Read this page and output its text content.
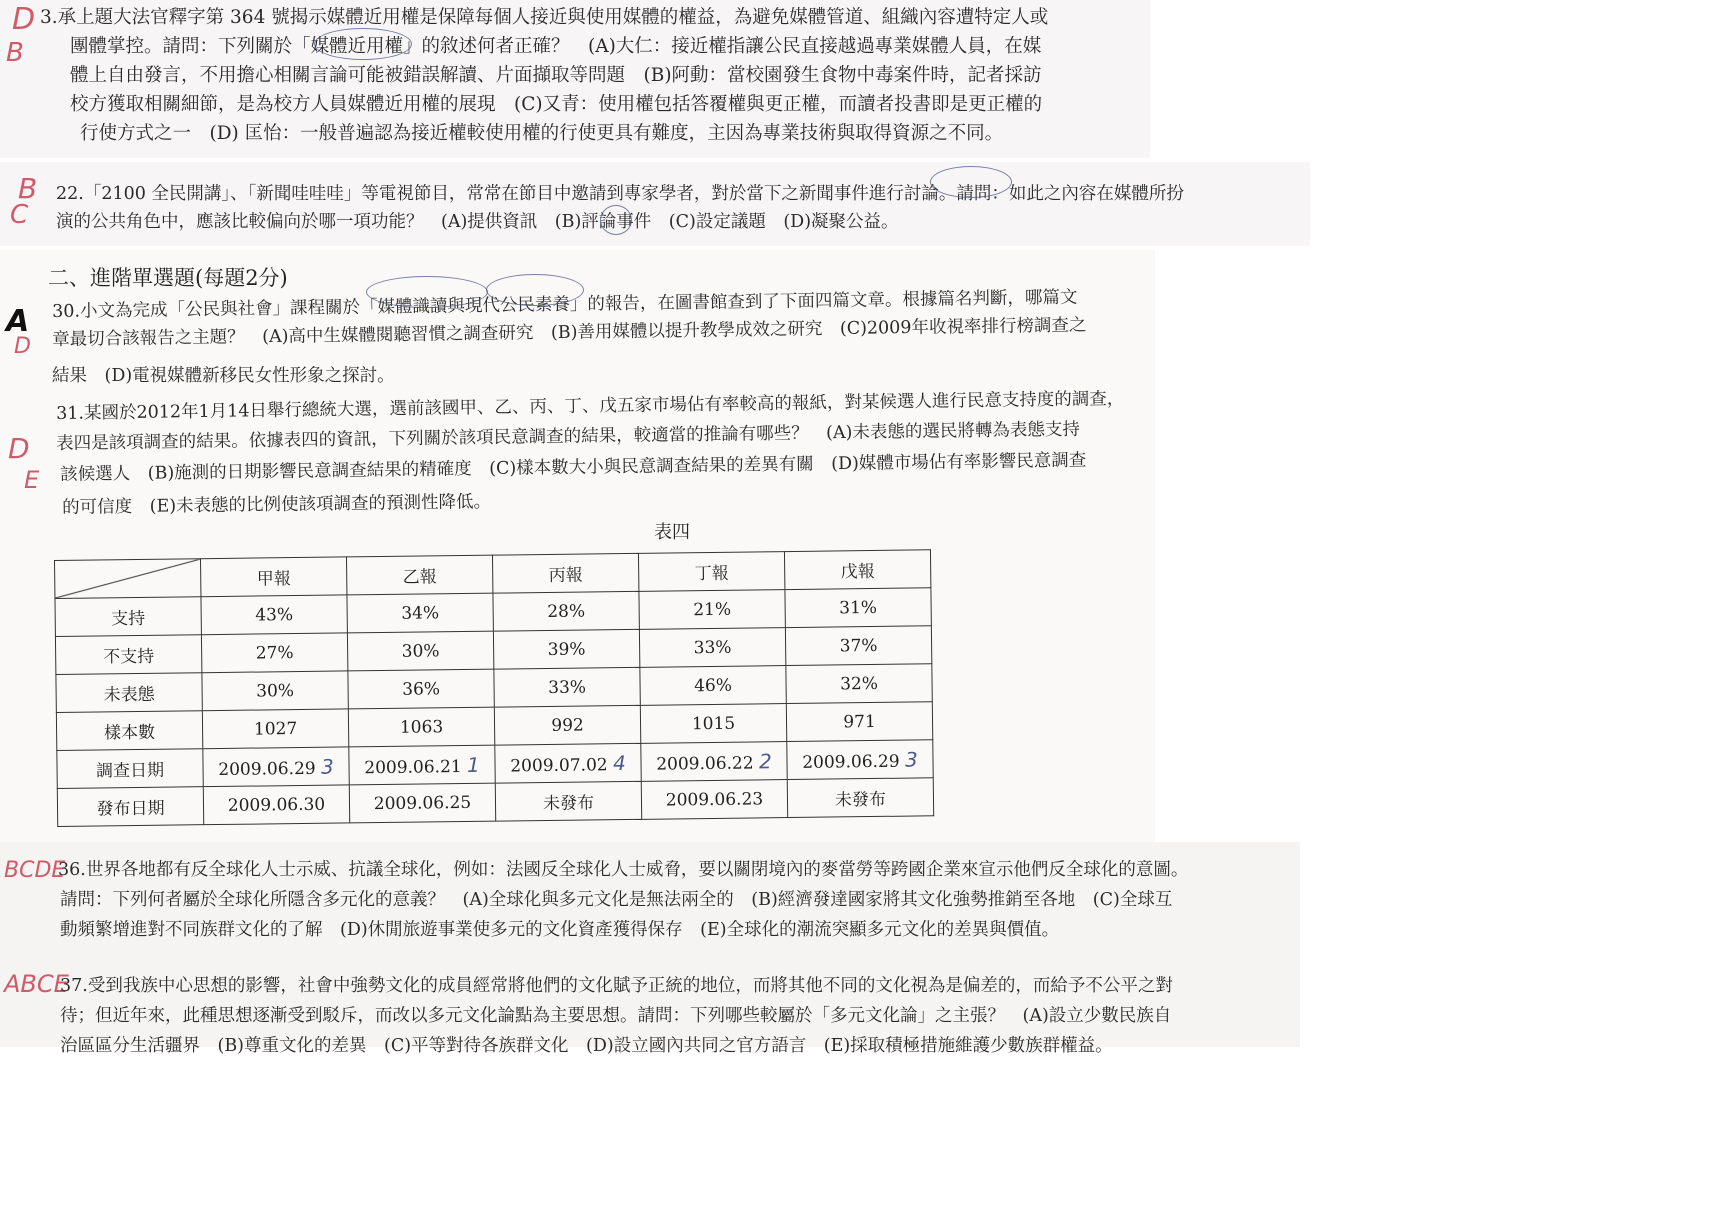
D
B
3.承上題大法官釋字第 364 號揭示媒體近用權是保障每個人接近與使用媒體的權益，為避免媒體管道、組織內容遭特定人或
團體掌控。請問：下列關於「媒體近用權」的敘述何者正確？　(A)大仁：接近權指讓公民直接越過專業媒體人員，在媒
體上自由發言，不用擔心相關言論可能被錯誤解讀、片面擷取等問題　(B)阿動：當校園發生食物中毒案件時，記者採訪
校方獲取相關細節，是為校方人員媒體近用權的展現　(C)又青：使用權包括答覆權與更正權，而讀者投書即是更正權的
行使方式之一　(D) 匡怡：一般普遍認為接近權較使用權的行使更具有難度，主因為專業技術與取得資源之不同。
B
C
22.「2100 全民開講」、「新聞哇哇哇」等電視節目，常常在節目中邀請到專家學者，對於當下之新聞事件進行討論。請問：如此之內容在媒體所扮
演的公共角色中，應該比較偏向於哪一項功能？　(A)提供資訊　(B)評論事件　(C)設定議題　(D)凝聚公益。
二、進階單選題(每題2分)
A
D
30.小文為完成「公民與社會」課程關於「媒體識讀與現代公民素養」的報告，在圖書館查到了下面四篇文章。根據篇名判斷，哪篇文
章最切合該報告之主題？　(A)高中生媒體閱聽習慣之調查研究　(B)善用媒體以提升教學成效之研究　(C)2009年收視率排行榜調查之
結果　(D)電視媒體新移民女性形象之探討。
D
E
31.某國於2012年1月14日舉行總統大選，選前該國甲、乙、丙、丁、戊五家市場佔有率較高的報紙，對某候選人進行民意支持度的調查，
表四是該項調查的結果。依據表四的資訊，下列關於該項民意調查的結果，較適當的推論有哪些？　(A)未表態的選民將轉為表態支持
該候選人　(B)施測的日期影響民意調查結果的精確度　(C)樣本數大小與民意調查結果的差異有關　(D)媒體市場佔有率影響民意調查
的可信度　(E)未表態的比例使該項調查的預測性降低。
表四
	甲報	乙報	丙報	丁報	戊報
支持	43%	34%	28%	21%	31%
不支持	27%	30%	39%	33%	37%
未表態	30%	36%	33%	46%	32%
樣本數	1027	1063	992	1015	971
調查日期	2009.06.29 3	2009.06.21 1	2009.07.02 4	2009.06.22 2	2009.06.29 3
發布日期	2009.06.30	2009.06.25	未發布	2009.06.23	未發布
BCDE
36.世界各地都有反全球化人士示威、抗議全球化，例如：法國反全球化人士威脅，要以關閉境內的麥當勞等跨國企業來宣示他們反全球化的意圖。
請問：下列何者屬於全球化所隱含多元化的意義？　(A)全球化與多元文化是無法兩全的　(B)經濟發達國家將其文化強勢推銷至各地　(C)全球互
動頻繁增進對不同族群文化的了解　(D)休閒旅遊事業使多元的文化資產獲得保存　(E)全球化的潮流突顯多元文化的差異與價值。
ABCE
37.受到我族中心思想的影響，社會中強勢文化的成員經常將他們的文化賦予正統的地位，而將其他不同的文化視為是偏差的，而給予不公平之對
待；但近年來，此種思想逐漸受到駁斥，而改以多元文化論點為主要思想。請問：下列哪些較屬於「多元文化論」之主張？　(A)設立少數民族自
治區區分生活疆界　(B)尊重文化的差異　(C)平等對待各族群文化　(D)設立國內共同之官方語言　(E)採取積極措施維護少數族群權益。
